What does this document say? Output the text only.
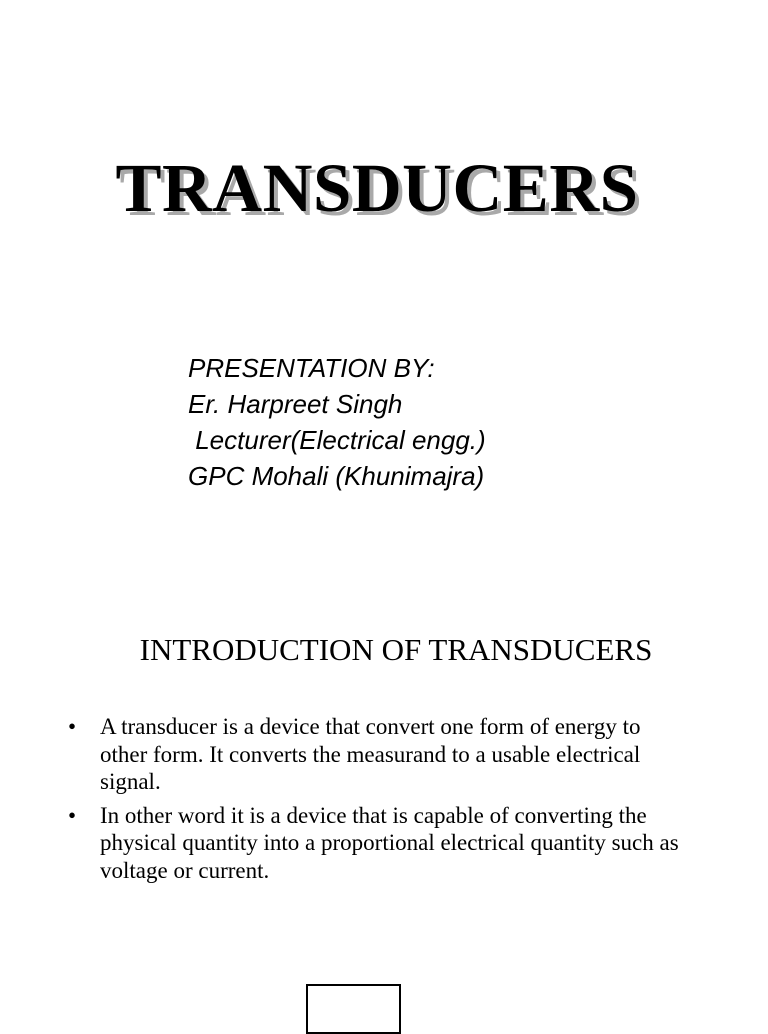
TRANSDUCERS
PRESENTATION BY:
Er. Harpreet Singh
Lecturer(Electrical engg.)
GPC Mohali (Khunimajra)
INTRODUCTION OF TRANSDUCERS
• A transducer is a device that convert one form of energy to other form. It converts the measurand to a usable electrical signal.
• In other word it is a device that is capable of converting the physical quantity into a proportional electrical quantity such as voltage or current.
